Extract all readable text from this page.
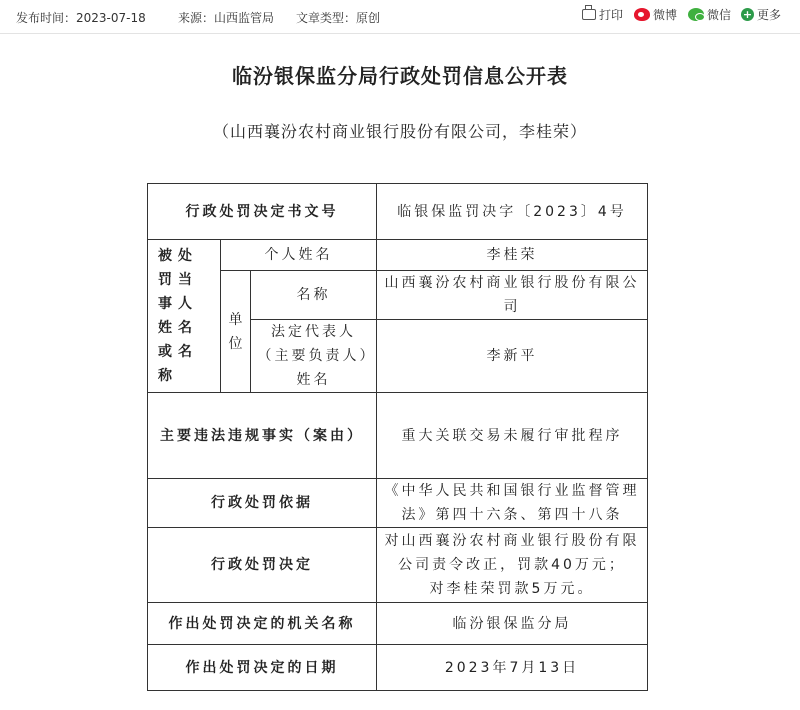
发布时间：2023-07-18	来源：山西监管局 文章类型：原创	打印 微博 微信 + 更多
临汾银保监分局行政处罚信息公开表
（山西襄汾农村商业银行股份有限公司，李桂荣）
行政处罚决定书文号			临银保监罚决字〔2023〕4号
被处罚当事人姓名或名称	个人姓名		李桂荣
	单位	名称	山西襄汾农村商业银行股份有限公司
		法定代表人（主要负责人）姓名	李新平
主要违法违规事实（案由）			重大关联交易未履行审批程序
行政处罚依据			《中华人民共和国银行业监督管理法》第四十六条、第四十八条
行政处罚决定			对山西襄汾农村商业银行股份有限公司责令改正，罚款40万元；
对李桂荣罚款5万元。
作出处罚决定的机关名称			临汾银保监分局
作出处罚决定的日期			2023年7月13日
